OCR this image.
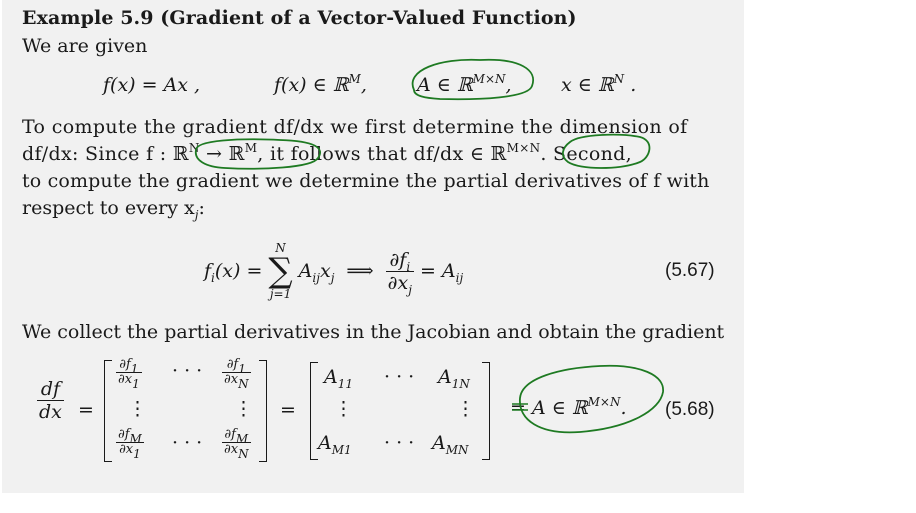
Example 5.9 (Gradient of a Vector-Valued Function)
We are given
f(x) = Ax ,	f(x) ∈ ℝ$^M$,	A ∈ ℝ$^{M\times N}$,	x ∈ ℝ$^N$ .
To compute the gradient df/dx we first determine the dimension of
df/dx: Since f : ℝ$^N$ → ℝ$^M$, it follows that df/dx ∈ ℝ$^{M\times N}$. Second,
to compute the gradient we determine the partial derivatives of f with
respect to every $x_j$:
$f_i(x)$ =
N
∑
j=1
$A_{ij}x_j$ ⟹ $\frac{\partial f_i}{\partial x_j} = A_{ij}$	(5.67)
We collect the partial derivatives in the Jacobian and obtain the gradient
$\frac{df}{dx}$ =
$\frac{\partial f_1}{\partial x_1}$ · · · $\frac{\partial f_1}{\partial x_N}$
⋮	⋮
$\frac{\partial f_M}{\partial x_1}$ · · · $\frac{\partial f_M}{\partial x_N}$
=
$A_{11}$ · · · $A_{1N}$
⋮	⋮
$A_{M1}$ · · · $A_{MN}$
= A ∈ ℝ$^{M\times N}$. (5.68)
